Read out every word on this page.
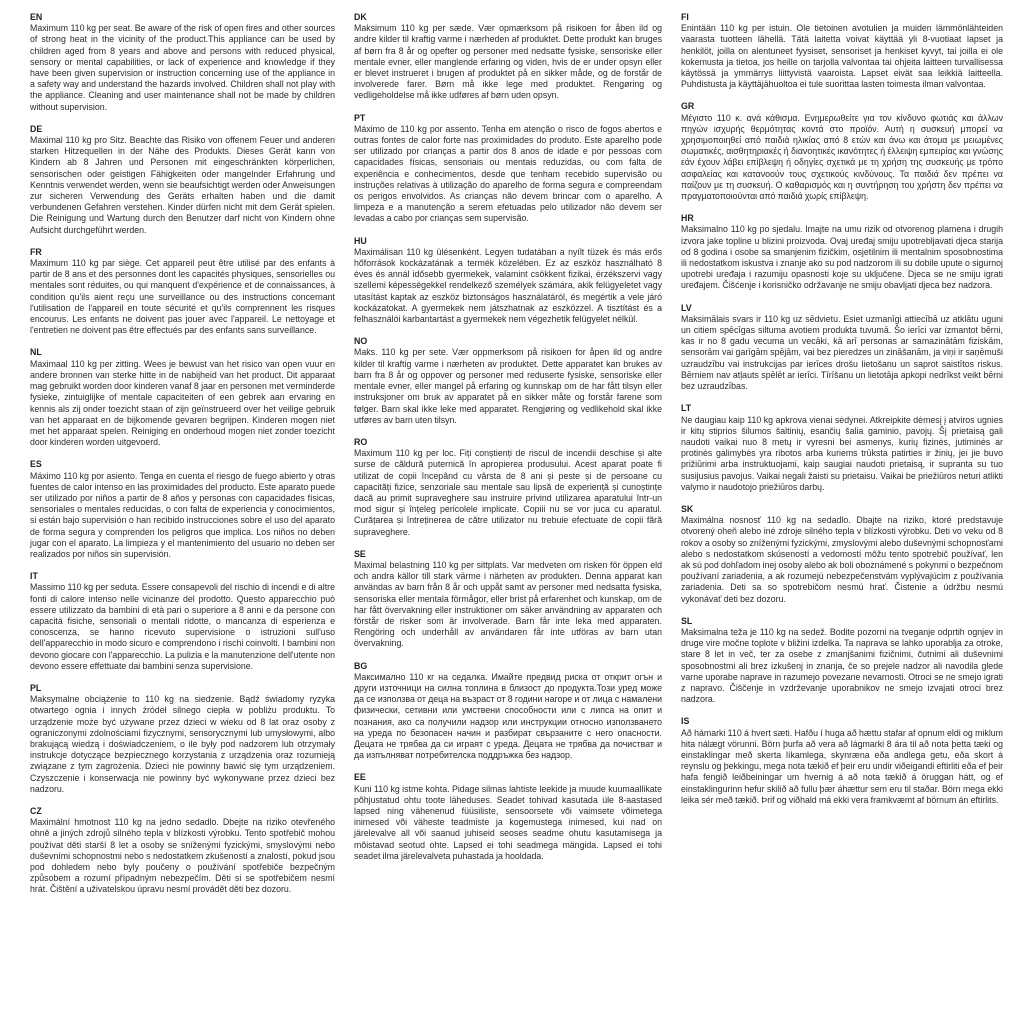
EN

Maximum 110 kg per seat. Be aware of the risk of open fires and other sources of strong heat in the vicinity of the product.This appliance can be used by children aged from 8 years and above and persons with reduced physical, sensory or mental capabilities, or lack of experience and knowledge if they have been given supervision or instruction concerning use of the appliance in a safety way and understand the hazards involved. Children shall not play with the appliance. Cleaning and user maintenance shall not be made by children without supervision.

DE

Maximal 110 kg pro Sitz. Beachte das Risiko von offenem Feuer und anderen starken Hitzequellen in der Nähe des Produkts. Dieses Gerät kann von Kindern ab 8 Jahren und Personen mit eingeschränkten körperlichen, sensorischen oder geistigen Fähigkeiten oder mangelnder Erfahrung und Kenntnis verwendet werden, wenn sie beaufsichtigt werden oder Anweisungen zur sicheren Verwendung des Geräts erhalten haben und die damit verbundenen Gefahren verstehen. Kinder dürfen nicht mit dem Gerät spielen. Die Reinigung und Wartung durch den Benutzer darf nicht von Kindern ohne Aufsicht durchgeführt werden.

FR

Maximum 110 kg par siège. Cet appareil peut être utilisé par des enfants à partir de 8 ans et des personnes dont les capacités physiques, sensorielles ou mentales sont réduites, ou qui manquent d'expérience et de connaissances, à condition qu'ils aient reçu une surveillance ou des instructions concernant l'utilisation de l'appareil en toute sécurité et qu'ils comprennent les risques encourus. Les enfants ne doivent pas jouer avec l'appareil. Le nettoyage et l'entretien ne doivent pas être effectués par des enfants sans surveillance.

NL

Maximaal 110 kg per zitting. Wees je bewust van het risico van open vuur en andere bronnen van sterke hitte in de nabijheid van het product. Dit apparaat mag gebruikt worden door kinderen vanaf 8 jaar en personen met verminderde fysieke, zintuiglijke of mentale capaciteiten of een gebrek aan ervaring en kennis als zij onder toezicht staan of zijn geïnstrueerd over het veilige gebruik van het apparaat en de bijkomende gevaren begrijpen. Kinderen mogen niet met het apparaat spelen. Reiniging en onderhoud mogen niet zonder toezicht door kinderen worden uitgevoerd.

ES

Máximo 110 kg por asiento. Tenga en cuenta el riesgo de fuego abierto y otras fuentes de calor intenso en las proximidades del producto. Este aparato puede ser utilizado por niños a partir de 8 años y personas con capacidades físicas, sensoriales o mentales reducidas, o con falta de experiencia y conocimientos, si están bajo supervisión o han recibido instrucciones sobre el uso del aparato de forma segura y comprenden los peligros que implica. Los niños no deben jugar con el aparato. La limpieza y el mantenimiento del usuario no deben ser realizados por niños sin supervisión.

IT

Massimo 110 kg per seduta. Essere consapevoli del rischio di incendi e di altre fonti di calore intenso nelle vicinanze del prodotto. Questo apparecchio può essere utilizzato da bambini di età pari o superiore a 8 anni e da persone con capacità fisiche, sensoriali o mentali ridotte, o mancanza di esperienza e conoscenza, se hanno ricevuto supervisione o istruzioni sull'uso dell'apparecchio in modo sicuro e comprendono i rischi coinvolti. I bambini non devono giocare con l'apparecchio. La pulizia e la manutenzione dell'utente non devono essere effettuate dai bambini senza supervisione.

PL

Maksymalne obciążenie to 110 kg na siedzenie. Bądź świadomy ryzyka otwartego ognia i innych źródeł silnego ciepła w pobliżu produktu. To urządzenie może być używane przez dzieci w wieku od 8 lat oraz osoby z ograniczonymi zdolnościami fizycznymi, sensorycznymi lub umysłowymi, albo brakującą wiedzą i doświadczeniem, o ile były pod nadzorem lub otrzymały instrukcje dotyczące bezpiecznego korzystania z urządzenia oraz rozumieją związane z tym zagrożenia. Dzieci nie powinny bawić się tym urządzeniem. Czyszczenie i konserwacja nie powinny być wykonywane przez dzieci bez nadzoru.

CZ

Maximální hmotnost 110 kg na jedno sedadlo. Dbejte na riziko otevřeného ohně a jiných zdrojů silného tepla v blízkosti výrobku. Tento spotřebič mohou používat děti starší 8 let a osoby se sníženými fyzickými, smyslovými nebo duševními schopnostmi nebo s nedostatkem zkušeností a znalostí, pokud jsou pod dohledem nebo byly poučeny o používání spotřebiče bezpečným způsobem a rozumí případným nebezpečím. Děti si se spotřebičem nesmí hrát. Čištění a uživatelskou úpravu nesmí provádět děti bez dozoru.

DK

Maksimum 110 kg per sæde. Vær opmærksom på risikoen for åben ild og andre kilder til kraftig varme i nærheden af produktet. Dette produkt kan bruges af børn fra 8 år og opefter og personer med nedsatte fysiske, sensoriske eller mentale evner, eller manglende erfaring og viden, hvis de er under opsyn eller er blevet instrueret i brugen af produktet på en sikker måde, og de forstår de involverede farer. Børn må ikke lege med produktet. Rengøring og vedligeholdelse må ikke udføres af børn uden opsyn.

PT

Máximo de 110 kg por assento. Tenha em atenção o risco de fogos abertos e outras fontes de calor forte nas proximidades do produto. Este aparelho pode ser utilizado por crianças a partir dos 8 anos de idade e por pessoas com capacidades físicas, sensoriais ou mentais reduzidas, ou com falta de experiência e conhecimentos, desde que tenham recebido supervisão ou instruções relativas à utilização do aparelho de forma segura e compreendam os perigos envolvidos. As crianças não devem brincar com o aparelho. A limpeza e a manutenção a serem efetuadas pelo utilizador não devem ser levadas a cabo por crianças sem supervisão.

HU

Maximálisan 110 kg ülésenként. Legyen tudatában a nyílt tüzek és más erős hőforrások kockázatának a termék közelében. Ez az eszköz használható 8 éves és annál idősebb gyermekek, valamint csökkent fizikai, érzékszervi vagy szellemi képességekkel rendelkező személyek számára, akik felügyeletet vagy utasítást kaptak az eszköz biztonságos használatáról, és megértik a vele járó kockázatokat. A gyermekek nem játszhatnak az eszközzel. A tisztítást és a felhasználói karbantartást a gyermekek nem végezhetik felügyelet nélkül.

NO

Maks. 110 kg per sete. Vær oppmerksom på risikoen for åpen ild og andre kilder til kraftig varme i nærheten av produktet. Dette apparatet kan brukes av barn fra 8 år og oppover og personer med reduserte fysiske, sensoriske eller mentale evner, eller mangel på erfaring og kunnskap om de har fått tilsyn eller instruksjoner om bruk av apparatet på en sikker måte og forstår farene som følger. Barn skal ikke leke med apparatet. Rengjøring og vedlikehold skal ikke utføres av barn uten tilsyn.

RO

Maximum 110 kg per loc. Fiți conștienți de riscul de incendii deschise și alte surse de căldură puternică în apropierea produsului. Acest aparat poate fi utilizat de copii începând cu vârsta de 8 ani și peste și de persoane cu capacități fizice, senzoriale sau mentale sau lipsă de experiență și cunoștințe dacă au primit supraveghere sau instruire privind utilizarea aparatului într-un mod sigur și înțeleg pericolele implicate. Copiii nu se vor juca cu aparatul. Curățarea și întreținerea de către utilizator nu trebuie efectuate de copii fără supraveghere.

SE

Maximal belastning 110 kg per sittplats. Var medveten om risken för öppen eld och andra källor till stark värme i närheten av produkten. Denna apparat kan användas av barn från 8 år och uppåt samt av personer med nedsatta fysiska, sensoriska eller mentala förmågor, eller brist på erfarenhet och kunskap, om de har fått övervakning eller instruktioner om säker användning av apparaten och förstår de risker som är involverade. Barn får inte leka med apparaten. Rengöring och underhåll av användaren får inte utföras av barn utan övervakning.

BG

Максимално 110 кг на седалка. Имайте предвид риска от открит огън и други източници на силна топлина в близост до продукта.Този уред може да се използва от деца на възраст от 8 години нагоре и от лица с намалени физически, сетивни или умствени способности или с липса на опит и познания, ако са получили надзор или инструкции относно използването на уреда по безопасен начин и разбират свързаните с него опасности. Децата не трябва да си играят с уреда. Децата не трябва да почистват и да изпълняват потребителска поддръжка без надзор.

EE

Kuni 110 kg istme kohta. Pidage silmas lahtiste leekide ja muude kuumaallikate põhjustatud ohtu toote läheduses. Seadet tohivad kasutada üle 8-aastased lapsed ning vähenenud füüsiliste, sensoorsete või vaimsete võimetega inimesed või väheste teadmiste ja kogemustega inimesed, kui nad on järelevalve all või saanud juhiseid seoses seadme ohutu kasutamisega ja mõistavad seotud ohte. Lapsed ei tohi seadmega mängida. Lapsed ei tohi seadet ilma järelevalveta puhastada ja hooldada.

FI

Enintään 110 kg per istuin. Ole tietoinen avotulien ja muiden lämmönlähteiden vaarasta tuotteen lähellä. Tätä laitetta voivat käyttää yli 8-vuotiaat lapset ja henkilöt, joilla on alentuneet fyysiset, sensoriset ja henkiset kyvyt, tai joilla ei ole kokemusta ja tietoa, jos heille on tarjolla valvontaa tai ohjeita laitteen turvallisessa käytössä ja ymmärrys liittyvistä vaaroista. Lapset eivät saa leikkiä laitteella. Puhdistusta ja käyttäjähuoltoa ei tule suorittaa lasten toimesta ilman valvontaa.

GR

Μέγιστο 110 κ. ανά κάθισμα. Ενημερωθείτε για τον κίνδυνο φωτιάς και άλλων πηγών ισχυρής θερμότητας κοντά στο προϊόν. Αυτή η συσκευή μπορεί να χρησιμοποιηθεί από παιδιά ηλικίας από 8 ετών και άνω και άτομα με μειωμένες σωματικές, αισθητηριακές ή διανοητικές ικανότητες ή έλλειψη εμπειρίας και γνώσης εάν έχουν λάβει επίβλεψη ή οδηγίες σχετικά με τη χρήση της συσκευής με τρόπο ασφαλείας και κατανοούν τους σχετικούς κινδύνους. Τα παιδιά δεν πρέπει να παίζουν με τη συσκευή. Ο καθαρισμός και η συντήρηση του χρήστη δεν πρέπει να πραγματοποιούνται από παιδιά χωρίς επίβλεψη.

HR

Maksimalno 110 kg po sjedalu. Imajte na umu rizik od otvorenog plamena i drugih izvora jake topline u blizini proizvoda. Ovaj uređaj smiju upotrebljavati djeca starija od 8 godina i osobe sa smanjenim fizičkim, osjetilnim ili mentalnim sposobnostima ili nedostatkom iskustva i znanje ako su pod nadzorom ili su dobile upute o sigurnoj upotrebi uređaja i razumiju opasnosti koje su uključene. Djeca se ne smiju igrati uređajem. Čišćenje i korisničko održavanje ne smiju obavljati djeca bez nadzora.

LV

Maksimālais svars ir 110 kg uz sēdvietu. Esiet uzmanīgi attiecībā uz atklātu uguni un citiem spēcīgas siltuma avotiem produkta tuvumā. Šo ierīci var izmantot bērni, kas ir no 8 gadu vecuma un vecāki, kā arī personas ar samazinātām fiziskām, sensorām vai garīgām spējām, vai bez pieredzes un zināšanām, ja viņi ir saņēmuši uzraudzību vai instrukcijas par ierīces drošu lietošanu un saprot saistītos riskus. Bērniem nav atļauts spēlēt ar ierīci. Tīrīšanu un lietotāja apkopi nedrīkst veikt bērni bez uzraudzības.

LT

Ne daugiau kaip 110 kg apkrova vienai sėdynei. Atkreipkite dėmesį į atviros ugnies ir kitų stiprios šilumos šaltinių, esančių šalia gaminio, pavojų. Šį prietaisą gali naudoti vaikai nuo 8 metų ir vyresni bei asmenys, kurių fizinės, jutiminės ar protinės galimybės yra ribotos arba kuriems trūksta patirties ir žinių, jei jie buvo prižiūrimi arba instruktuojami, kaip saugiai naudoti prietaisą, ir supranta su tuo susijusius pavojus. Vaikai negali žaisti su prietaisu. Vaikai be priežiūros neturi atlikti valymo ir naudotojo priežiūros darbų.

SK

Maximálna nosnosť 110 kg na sedadlo. Dbajte na riziko, ktoré predstavuje otvorený oheň alebo iné zdroje silného tepla v blízkosti výrobku. Deti vo veku od 8 rokov a osoby so zníženými fyzickými, zmyslovými alebo duševnými schopnosťami alebo s nedostatkom skúseností a vedomostí môžu tento spotrebič používať, len ak sú pod dohľadom inej osoby alebo ak boli oboznámené s pokynmi o bezpečnom používaní zariadenia, a ak rozumejú nebezpečenstvám vyplývajúcim z používania zariadenia. Deti sa so spotrebičom nesmú hrať. Čistenie a údržbu nesmú vykonávať deti bez dozoru.

SL

Maksimalna teža je 110 kg na sedež. Bodite pozorni na tveganje odprtih ognjev in druge vire močne toplote v bližini izdelka. Ta naprava se lahko uporablja za otroke, stare 8 let in več, ter za osebe z zmanjšanimi fizičnimi, čutnimi ali duševnimi sposobnostmi ali brez izkušenj in znanja, če so prejele nadzor ali navodila glede varne uporabe naprave in razumejo povezane nevarnosti. Otroci se ne smejo igrati z napravo. Čiščenje in vzdrževanje uporabnikov ne smejo izvajati otroci brez nadzora.

IS

Að hámarki 110 á hvert sæti. Hafðu í huga að hættu stafar af opnum eldi og miklum hita nálægt vörunni. Börn þurfa að vera að lágmarki 8 ára til að nota þetta tæki og einstaklingar með skerta líkamlega, skynræna eða andlega getu, eða skort á reynslu og þekkingu, mega nota tækið ef þeir eru undir viðeigandi eftirliti eða ef þeir hafa fengið leiðbeiningar um hvernig á að nota tækið á öruggan hátt, og ef einstaklingurinn hefur skilið að fullu þær áhættur sem eru til staðar. Börn mega ekki leika sér með tækið. Þrif og viðhald má ekki vera framkvæmt af börnum án eftirlits.
